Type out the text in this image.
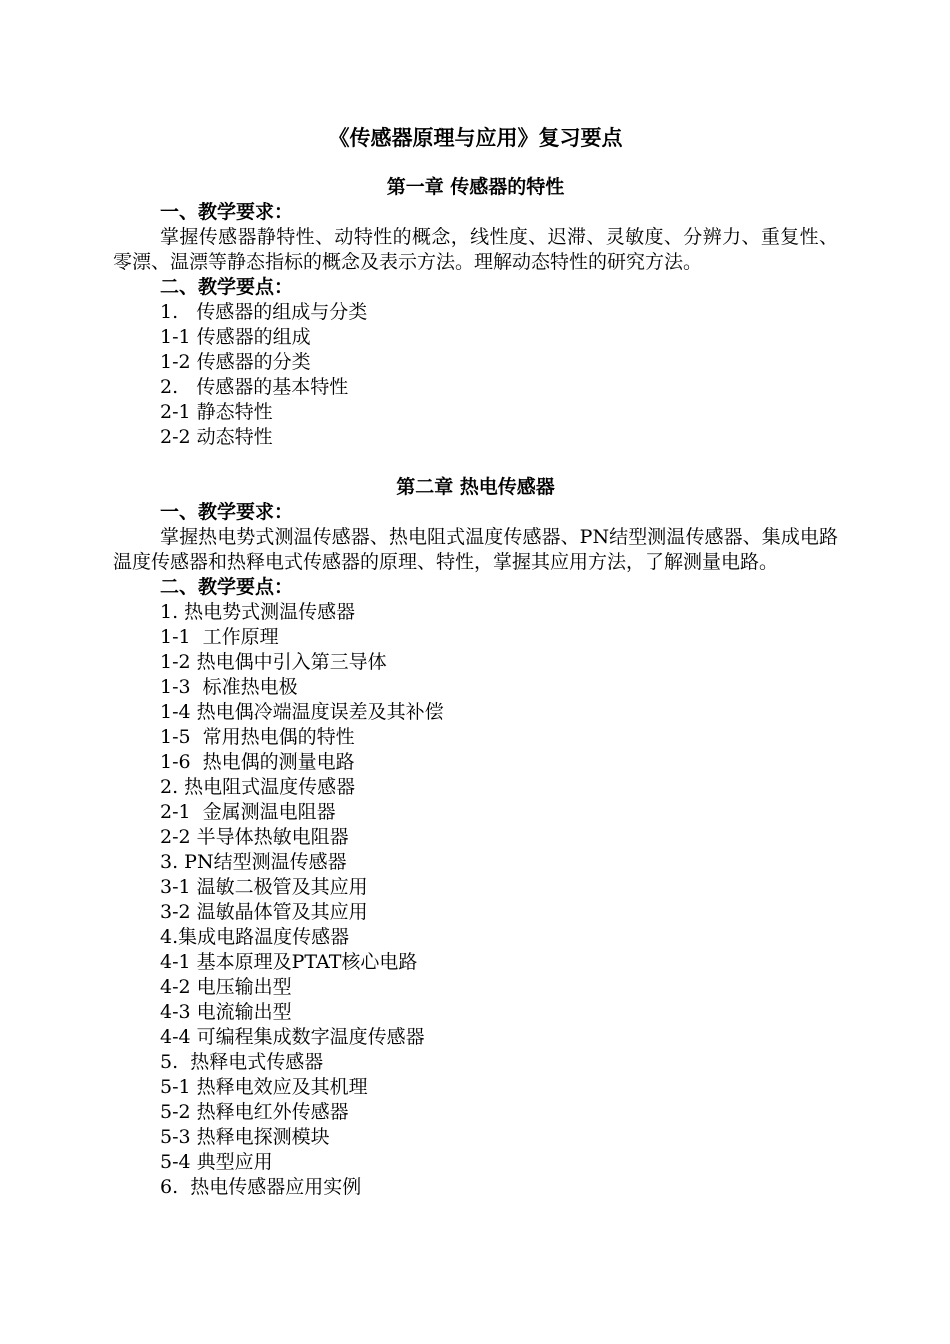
《传感器原理与应用》复习要点
第一章 传感器的特性

一、教学要求：

掌握传感器静特性、动特性的概念，线性度、迟滞、灵敏度、分辨力、重复性、零漂、温漂等静态指标的概念及表示方法。理解动态特性的研究方法。

二、教学要点：

1.   传感器的组成与分类
1-1 传感器的组成
1-2 传感器的分类
2.   传感器的基本特性
2-1 静态特性
2-2 动态特性
第二章 热电传感器

一、教学要求：

掌握热电势式测温传感器、热电阻式温度传感器、PN结型测温传感器、集成电路温度传感器和热释电式传感器的原理、特性，掌握其应用方法，了解测量电路。

二、教学要点：

1. 热电势式测温传感器
1-1  工作原理
1-2 热电偶中引入第三导体
1-3  标准热电极
1-4 热电偶冷端温度误差及其补偿
1-5  常用热电偶的特性
1-6  热电偶的测量电路
2. 热电阻式温度传感器
2-1  金属测温电阻器
2-2 半导体热敏电阻器
3. PN结型测温传感器
3-1 温敏二极管及其应用
3-2 温敏晶体管及其应用
4.集成电路温度传感器
4-1 基本原理及PTAT核心电路
4-2 电压输出型
4-3 电流输出型
4-4 可编程集成数字温度传感器
5.  热释电式传感器
5-1 热释电效应及其机理
5-2 热释电红外传感器
5-3 热释电探测模块
5-4 典型应用
6.  热电传感器应用实例
